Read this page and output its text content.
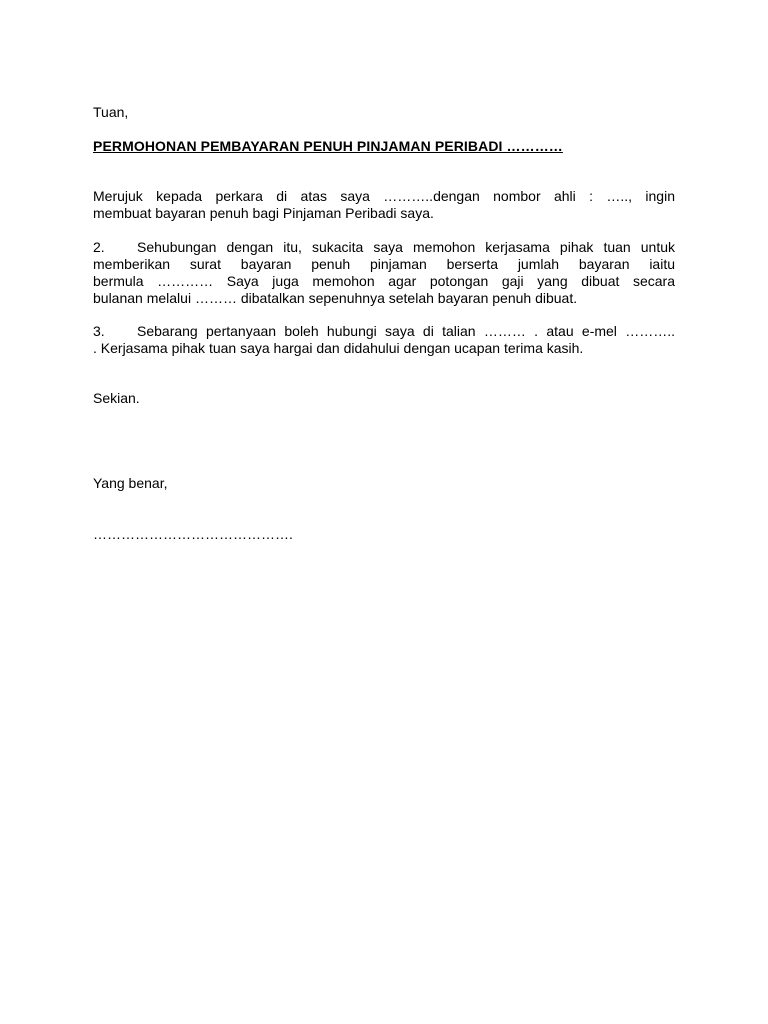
Tuan,
PERMOHONAN PEMBAYARAN PENUH PINJAMAN PERIBADI …………
Merujuk kepada perkara di atas saya ………..dengan nombor ahli : ….., ingin
membuat bayaran penuh bagi Pinjaman Peribadi saya.
2. Sehubungan dengan itu, sukacita saya memohon kerjasama pihak tuan untuk
memberikan surat bayaran penuh pinjaman berserta jumlah bayaran iaitu
bermula ………… Saya juga memohon agar potongan gaji yang dibuat secara
bulanan melalui ……… dibatalkan sepenuhnya setelah bayaran penuh dibuat.
3. Sebarang pertanyaan boleh hubungi saya di talian ……… . atau e-mel ………..
. Kerjasama pihak tuan saya hargai dan didahului dengan ucapan terima kasih.
Sekian.
Yang benar,
…………………………………….
